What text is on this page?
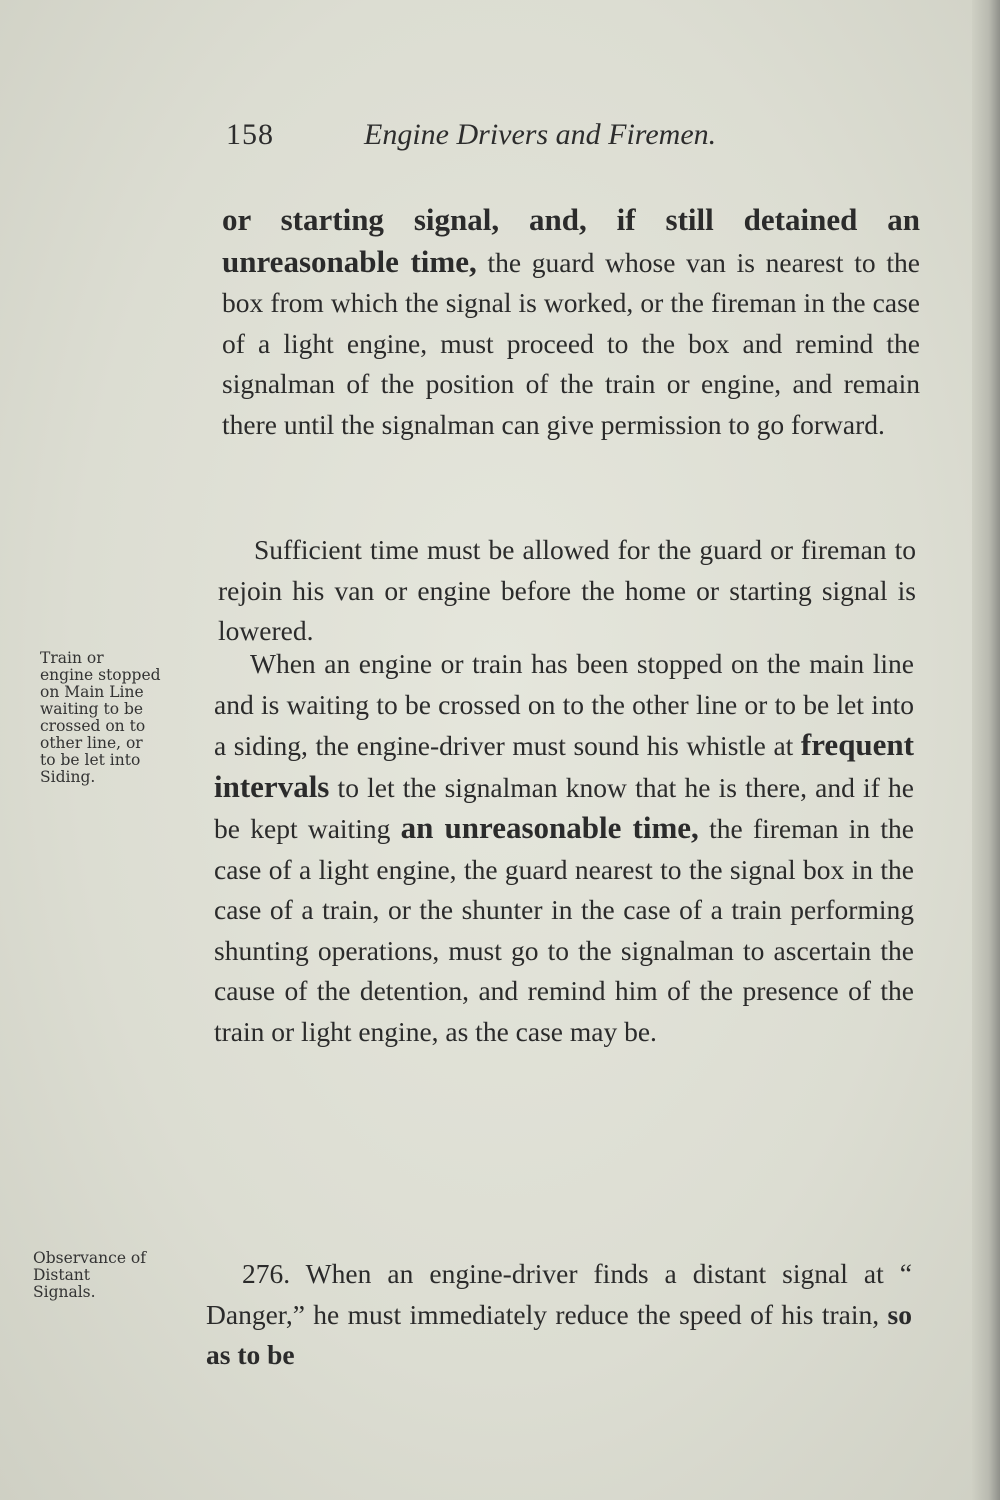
158	Engine Drivers and Firemen.

or starting signal, and, if still detained an unreasonable time, the guard whose van is nearest to the box from which the signal is worked, or the fireman in the case of a light engine, must proceed to the box and remind the signalman of the position of the train or engine, and remain there until the signalman can give permission to go forward.

Sufficient time must be allowed for the guard or fireman to rejoin his van or engine before the home or starting signal is lowered.

When an engine or train has been stopped on the main line and is waiting to be crossed on to the other line or to be let into a siding, the engine-driver must sound his whistle at frequent intervals to let the signalman know that he is there, and if he be kept waiting an unreasonable time, the fireman in the case of a light engine, the guard nearest to the signal box in the case of a train, or the shunter in the case of a train performing shunting operations, must go to the signalman to ascertain the cause of the detention, and remind him of the presence of the train or light engine, as the case may be.

276. When an engine-driver finds a distant signal at “ Danger,” he must immediately reduce the speed of his train, so as to be

Train or
engine stopped
on Main Line
waiting to be
crossed on to
other line, or
to be let into
Siding.
Observance of
Distant
Signals.
